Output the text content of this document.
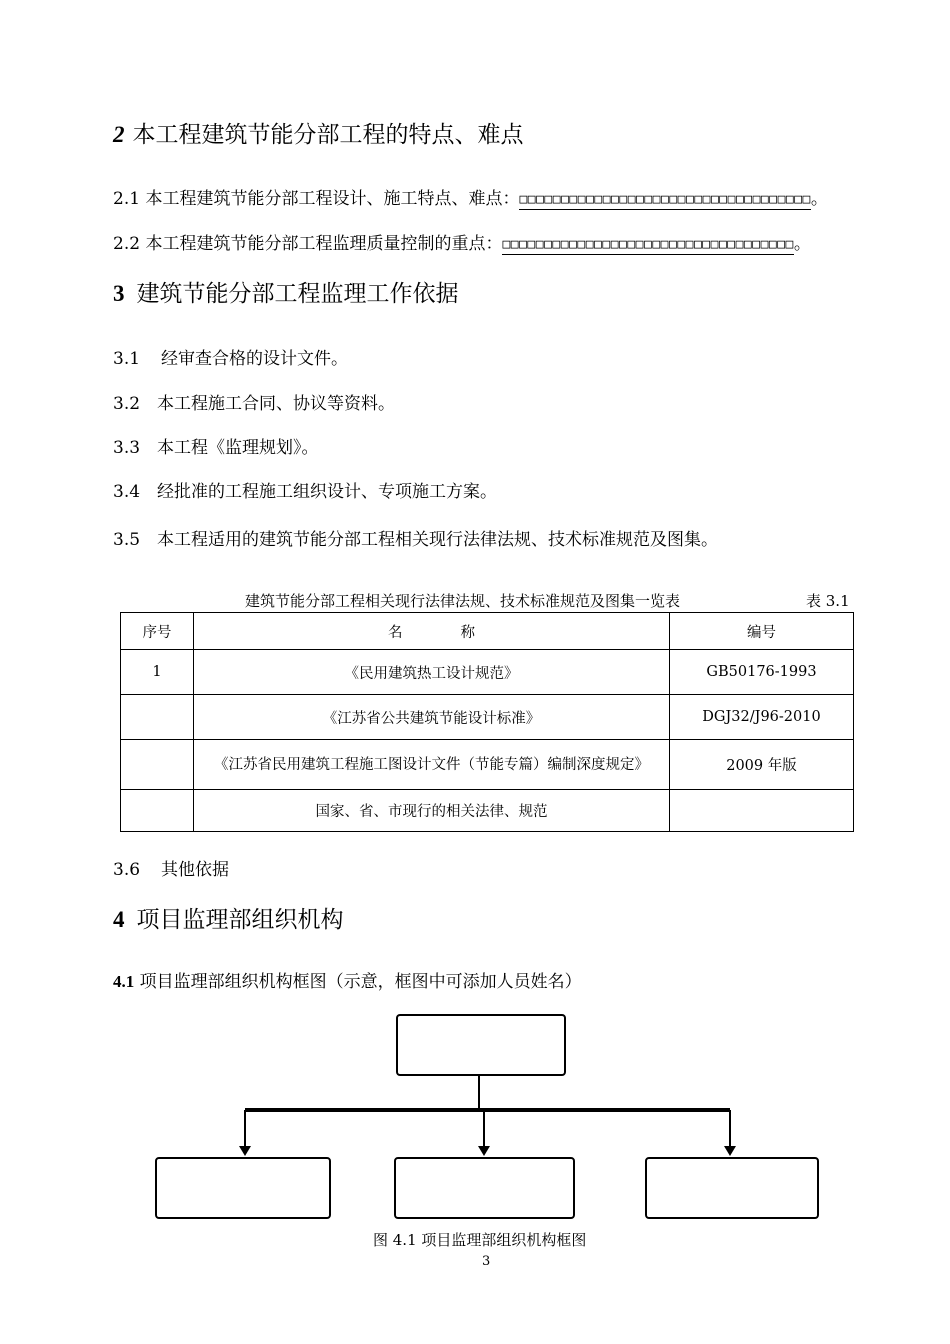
2 本工程建筑节能分部工程的特点、难点
2.1 本工程建筑节能分部工程设计、施工特点、难点：□□□□□□□□□□□□□□□□□□□□□□□□□□□□□□□□□□□。
2.2 本工程建筑节能分部工程监理质量控制的重点：□□□□□□□□□□□□□□□□□□□□□□□□□□□□□□□□□□□。
3 建筑节能分部工程监理工作依据
3.1 经审查合格的设计文件。
3.2 本工程施工合同、协议等资料。
3.3 本工程《监理规划》。
3.4 经批准的工程施工组织设计、专项施工方案。
3.5 本工程适用的建筑节能分部工程相关现行法律法规、技术标准规范及图集。
建筑节能分部工程相关现行法律法规、技术标准规范及图集一览表	表 3.1
序号	名　　　　称	编号
1	《民用建筑热工设计规范》	GB50176-1993
	《江苏省公共建筑节能设计标准》	DGJ32/J96-2010
	《江苏省民用建筑工程施工图设计文件（节能专篇）编制深度规定》	2009 年版
	国家、省、市现行的相关法律、规范	
3.6 其他依据
4 项目监理部组织机构
4.1 项目监理部组织机构框图（示意，框图中可添加人员姓名）
图 4.1 项目监理部组织机构框图
3
